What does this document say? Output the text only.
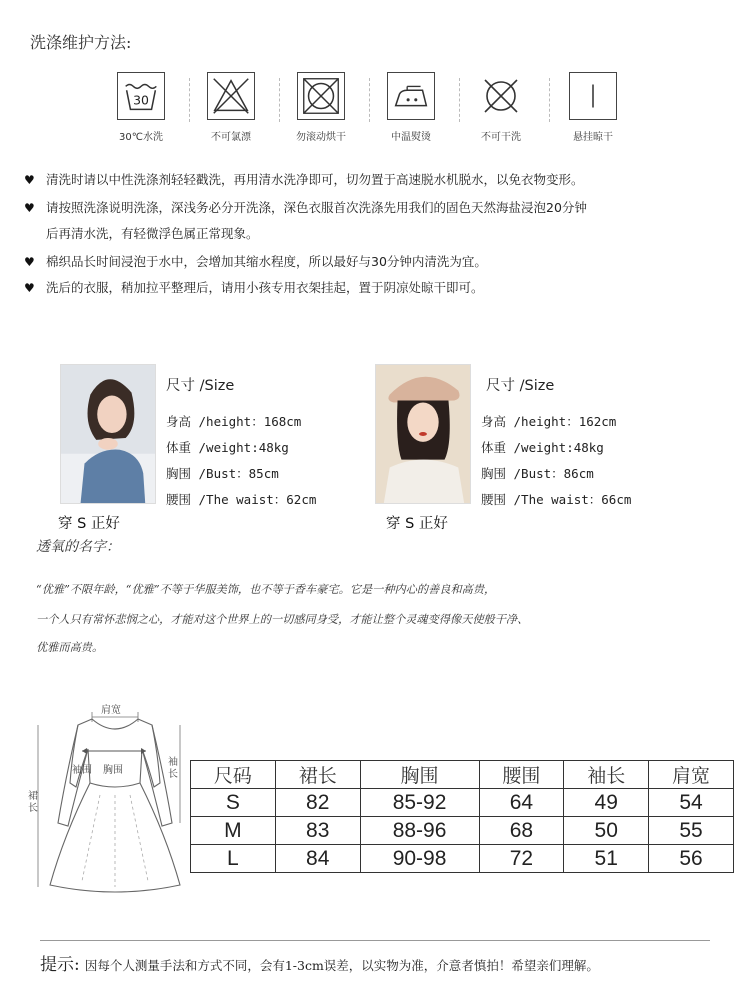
洗涤维护方法:
30
30℃水洗	不可氯漂	勿滚动烘干	中温熨烫	不可干洗	悬挂晾干
♥ 清洗时请以中性洗涤剂轻轻戳洗，再用清水洗净即可，切勿置于高速脱水机脱水，以免衣物变形。
♥ 请按照洗涤说明洗涤，深浅务必分开洗涤，深色衣服首次洗涤先用我们的固色天然海盐浸泡20分钟
后再清水洗，有轻微浮色属正常现象。
♥ 棉织品长时间浸泡于水中，会增加其缩水程度，所以最好与30分钟内清洗为宜。
♥ 洗后的衣服，稍加拉平整理后，请用小孩专用衣架挂起，置于阴凉处晾干即可。
尺寸 /Size
身高 /height：168cm
体重 /weight:48kg
胸围 /Bust：85cm
腰围 /The waist：62cm
穿 S 正好
尺寸 /Size
身高 /height：162cm
体重 /weight:48kg
胸围 /Bust：86cm
腰围 /The waist：66cm
穿 S 正好
透氧的名字：
“优雅”不限年龄，“优雅”不等于华服美饰，也不等于香车豪宅。它是一种内心的善良和高贵，
一个人只有常怀悲悯之心，才能对这个世界上的一切感同身受，才能让整个灵魂变得像天使般干净、
优雅而高贵。
肩宽
袖围 胸围
袖长
裙长
尺码	裙长	胸围	腰围	袖长	肩宽
S	82	85-92	64	49	54
M	83	88-96	68	50	55
L	84	90-98	72	51	56
提示: 因每个人测量手法和方式不同，会有1-3cm误差，以实物为准，介意者慎拍！希望亲们理解。
